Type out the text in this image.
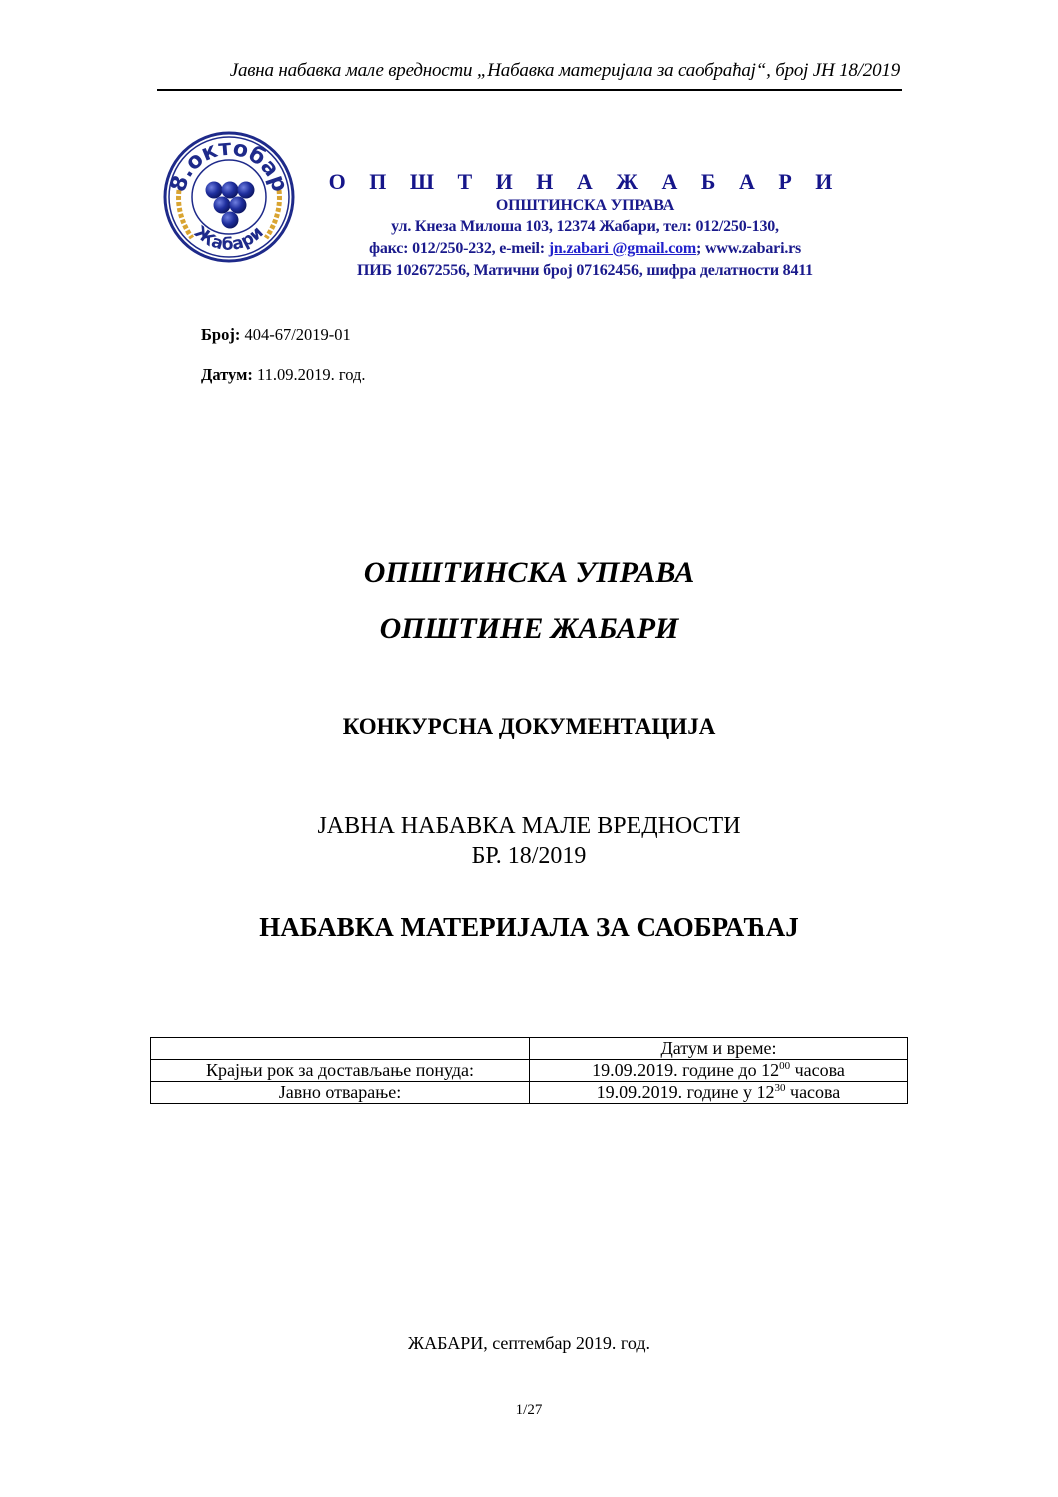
Јавна набавка мале вредности „Набавка материјала за саобраћај“, број ЈН 18/2019
8.октобар
Жабари
О П Ш Т И Н А Ж А Б А Р И
ОПШТИНСКА УПРАВА
ул. Кнеза Милоша 103, 12374 Жабари, тел: 012/250-130,
факс: 012/250-232, e-meil: jn.zabari @gmail.com; www.zabari.rs
ПИБ 102672556, Матични број 07162456, шифра делатности 8411
Број: 404-67/2019-01
Датум: 11.09.2019. год.
ОПШТИНСКА УПРАВА
ОПШТИНЕ ЖАБАРИ
КОНКУРСНА ДОКУМЕНТАЦИЈА
ЈАВНА НАБАВКА МАЛЕ ВРЕДНОСТИ
БР. 18/2019
НАБАВКА МАТЕРИЈАЛА ЗА САОБРАЋАЈ
	Датум и време:
Крајњи рок за достављање понуда:	19.09.2019. године до $12^{00}$ часова
Јавно отварање:	19.09.2019. године у $12^{30}$ часова
ЖАБАРИ, септембар 2019. год.
1/27
